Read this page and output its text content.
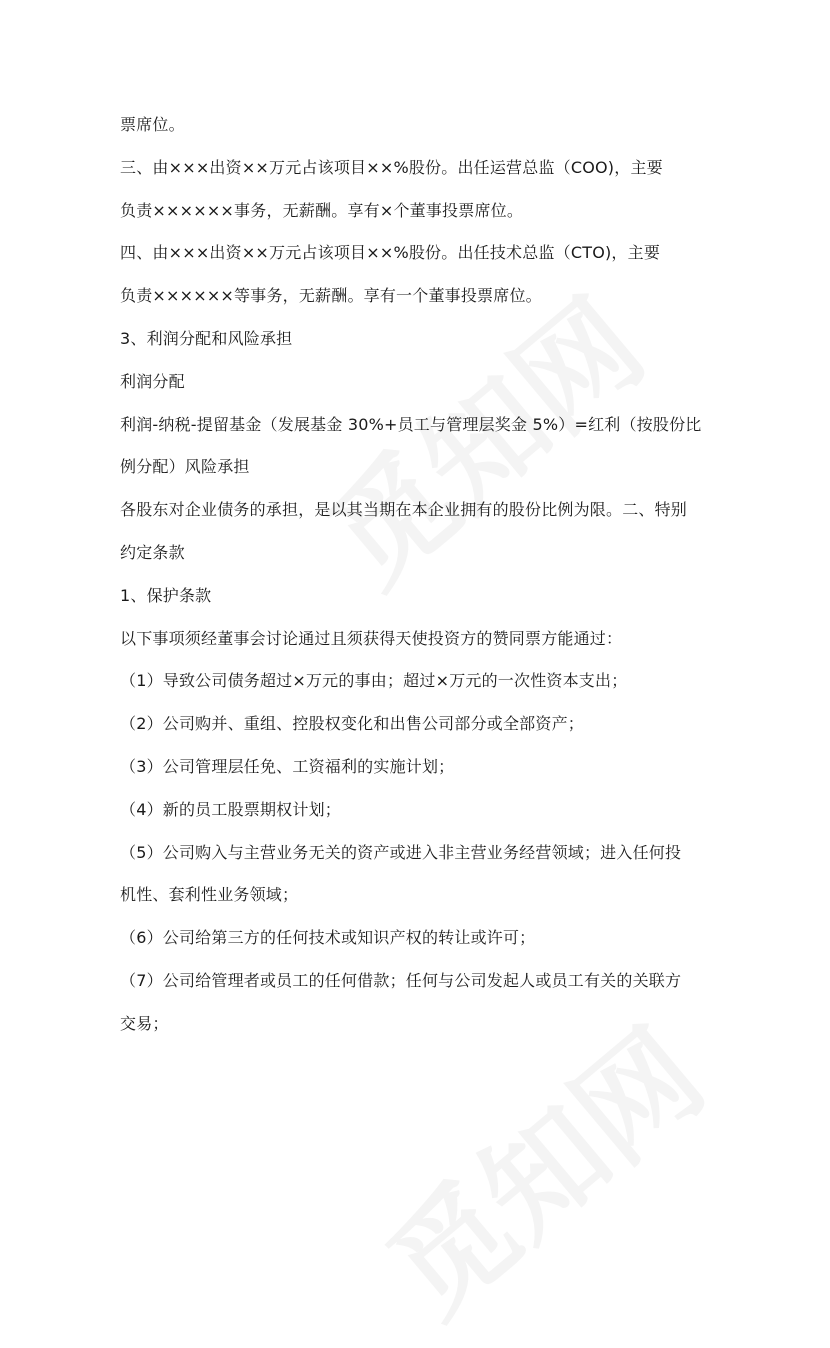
票席位。
三、由×××出资××万元占该项目××%股份。出任运营总监（COO)，主要
负责××××××事务，无薪酬。享有×个董事投票席位。
四、由×××出资××万元占该项目××%股份。出任技术总监（CTO)，主要
负责××××××等事务，无薪酬。享有一个董事投票席位。
3、利润分配和风险承担
利润分配
利润-纳税-提留基金（发展基金 30%+员工与管理层奖金 5%）=红利（按股份比
例分配）风险承担
各股东对企业债务的承担，是以其当期在本企业拥有的股份比例为限。二、特别
约定条款
1、保护条款
以下事项须经董事会讨论通过且须获得天使投资方的赞同票方能通过：
（1）导致公司债务超过×万元的事由；超过×万元的一次性资本支出；
（2）公司购并、重组、控股权变化和出售公司部分或全部资产；
（3）公司管理层任免、工资福利的实施计划；
（4）新的员工股票期权计划；
（5）公司购入与主营业务无关的资产或进入非主营业务经营领域；进入任何投
机性、套利性业务领域；
（6）公司给第三方的任何技术或知识产权的转让或许可；
（7）公司给管理者或员工的任何借款；任何与公司发起人或员工有关的关联方
交易；
